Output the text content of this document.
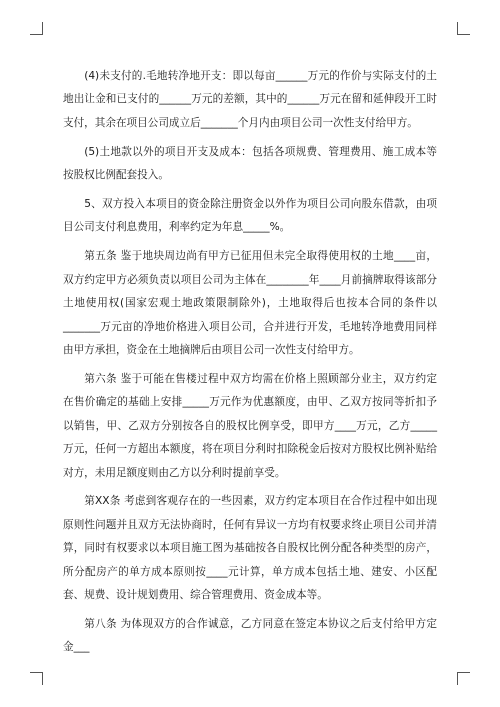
(4)未支付的.毛地转净地开支：即以每亩______万元的作价与实际支付的土地出让金和已支付的______万元的差额，其中的______万元在留和延伸段开工时支付，其余在项目公司成立后_______个月内由项目公司一次性支付给甲方。

(5)土地款以外的项目开支及成本：包括各项规费、管理费用、施工成本等按股权比例配套投入。

5、双方投入本项目的资金除注册资金以外作为项目公司向股东借款，由项目公司支付利息费用，利率约定为年息_____%。

第五条 鉴于地块周边尚有甲方已征用但未完全取得使用权的土地____亩，双方约定甲方必须负责以项目公司为主体在________年____月前摘牌取得该部分土地使用权(国家宏观土地政策限制除外)，土地取得后也按本合同的条件以_______万元亩的净地价格进入项目公司，合并进行开发，毛地转净地费用同样由甲方承担，资金在土地摘牌后由项目公司一次性支付给甲方。

第六条 鉴于可能在售楼过程中双方均需在价格上照顾部分业主，双方约定在售价确定的基础上安排_____万元作为优惠额度，由甲、乙双方按同等折扣予以销售，甲、乙双方分别按各自的股权比例享受，即甲方____万元，乙方_____万元，任何一方超出本额度，将在项目分利时扣除税金后按对方股权比例补贴给对方，未用足额度则由乙方以分利时提前享受。

第XX条 考虑到客观存在的一些因素，双方约定本项目在合作过程中如出现原则性问题并且双方无法协商时，任何有异议一方均有权要求终止项目公司并清算，同时有权要求以本项目施工图为基础按各自股权比例分配各种类型的房产，所分配房产的单方成本原则按____元计算，单方成本包括土地、建安、小区配套、规费、设计规划费用、综合管理费用、资金成本等。

第八条 为体现双方的合作诚意，乙方同意在签定本协议之后支付给甲方定金___
